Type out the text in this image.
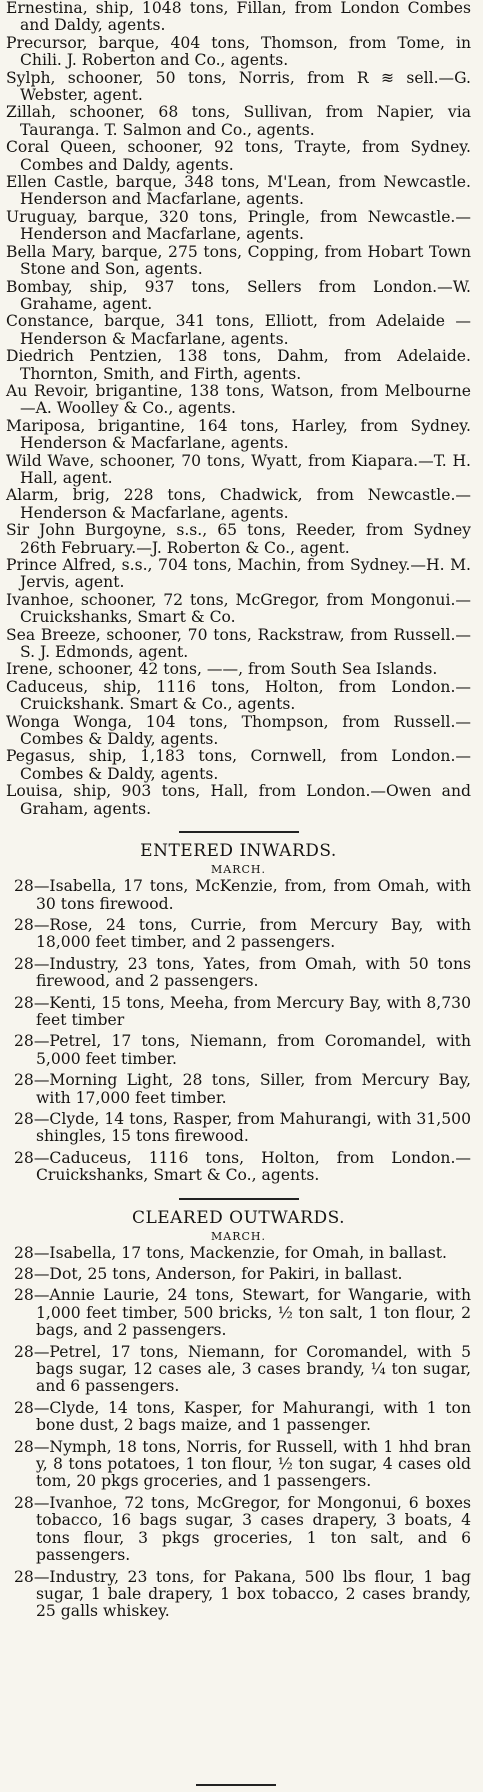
Ernestina, ship, 1048 tons, Fillan, from London Combes and Daldy, agents.

Precursor, barque, 404 tons, Thomson, from Tome, in Chili. J. Roberton and Co., agents.

Sylph, schooner, 50 tons, Norris, from R ≋ sell.—G. Webster, agent.

Zillah, schooner, 68 tons, Sullivan, from Napier, via Tauranga. T. Salmon and Co., agents.

Coral Queen, schooner, 92 tons, Trayte, from Sydney. Combes and Daldy, agents.

Ellen Castle, barque, 348 tons, M'Lean, from Newcastle. Henderson and Macfarlane, agents.

Uruguay, barque, 320 tons, Pringle, from Newcastle.—Henderson and Macfarlane, agents.

Bella Mary, barque, 275 tons, Copping, from Hobart Town Stone and Son, agents.

Bombay, ship, 937 tons, Sellers from London.—W. Grahame, agent.

Constance, barque, 341 tons, Elliott, from Adelaide —Henderson & Macfarlane, agents.

Diedrich Pentzien, 138 tons, Dahm, from Adelaide. Thornton, Smith, and Firth, agents.

Au Revoir, brigantine, 138 tons, Watson, from Melbourne —A. Woolley & Co., agents.

Mariposa, brigantine, 164 tons, Harley, from Sydney. Henderson & Macfarlane, agents.

Wild Wave, schooner, 70 tons, Wyatt, from Kiapara.—T. H. Hall, agent.

Alarm, brig, 228 tons, Chadwick, from Newcastle.—Henderson & Macfarlane, agents.

Sir John Burgoyne, s.s., 65 tons, Reeder, from Sydney 26th February.—J. Roberton & Co., agent.

Prince Alfred, s.s., 704 tons, Machin, from Sydney.—H. M. Jervis, agent.

Ivanhoe, schooner, 72 tons, McGregor, from Mongonui.—Cruickshanks, Smart & Co.

Sea Breeze, schooner, 70 tons, Rackstraw, from Russell.—S. J. Edmonds, agent.

Irene, schooner, 42 tons, ——, from South Sea Islands.

Caduceus, ship, 1116 tons, Holton, from London.—Cruickshank. Smart & Co., agents.

Wonga Wonga, 104 tons, Thompson, from Russell.—Combes & Daldy, agents.

Pegasus, ship, 1,183 tons, Cornwell, from London.—Combes & Daldy, agents.

Louisa, ship, 903 tons, Hall, from London.—Owen and Graham, agents.

ENTERED INWARDS.

MARCH.

28—Isabella, 17 tons, McKenzie, from, from Omah, with 30 tons firewood.

28—Rose, 24 tons, Currie, from Mercury Bay, with 18,000 feet timber, and 2 passengers.

28—Industry, 23 tons, Yates, from Omah, with 50 tons firewood, and 2 passengers.

28—Kenti, 15 tons, Meeha, from Mercury Bay, with 8,730 feet timber

28—Petrel, 17 tons, Niemann, from Coromandel, with 5,000 feet timber.

28—Morning Light, 28 tons, Siller, from Mercury Bay, with 17,000 feet timber.

28—Clyde, 14 tons, Rasper, from Mahurangi, with 31,500 shingles, 15 tons firewood.

28—Caduceus, 1116 tons, Holton, from London.—Cruickshanks, Smart & Co., agents.

CLEARED OUTWARDS.

MARCH.

28—Isabella, 17 tons, Mackenzie, for Omah, in ballast.

28—Dot, 25 tons, Anderson, for Pakiri, in ballast.

28—Annie Laurie, 24 tons, Stewart, for Wangarie, with 1,000 feet timber, 500 bricks, ½ ton salt, 1 ton flour, 2 bags, and 2 passengers.

28—Petrel, 17 tons, Niemann, for Coromandel, with 5 bags sugar, 12 cases ale, 3 cases brandy, ¼ ton sugar, and 6 passengers.

28—Clyde, 14 tons, Kasper, for Mahurangi, with 1 ton bone dust, 2 bags maize, and 1 passenger.

28—Nymph, 18 tons, Norris, for Russell, with 1 hhd bran y, 8 tons potatoes, 1 ton flour, ½ ton sugar, 4 cases old tom, 20 pkgs groceries, and 1 passengers.

28—Ivanhoe, 72 tons, McGregor, for Mongonui, 6 boxes tobacco, 16 bags sugar, 3 cases drapery, 3 boats, 4 tons flour, 3 pkgs groceries, 1 ton salt, and 6 passengers.

28—Industry, 23 tons, for Pakana, 500 lbs flour, 1 bag sugar, 1 bale drapery, 1 box tobacco, 2 cases brandy, 25 galls whiskey.
